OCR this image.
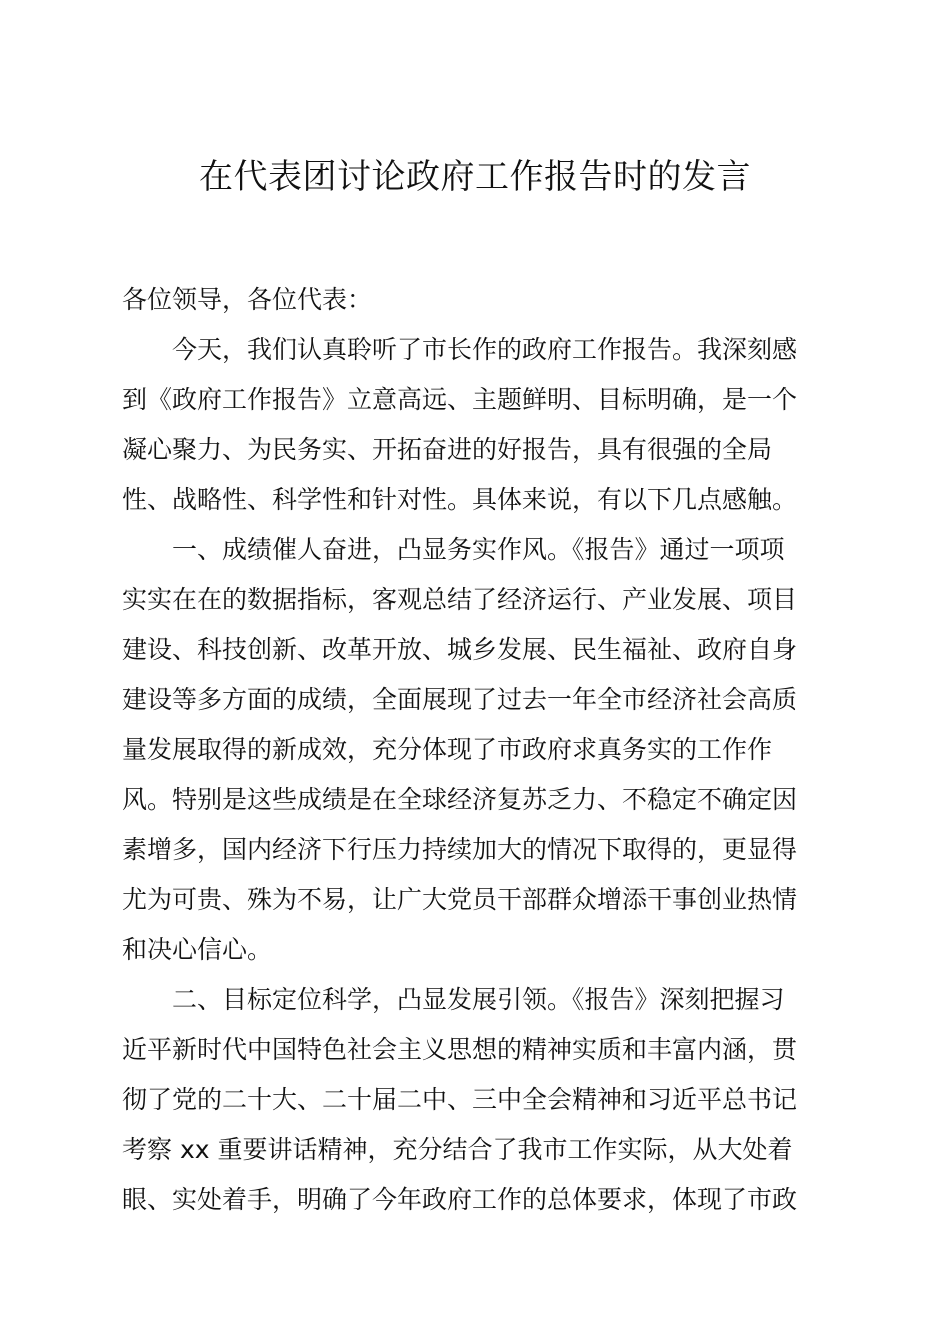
在代表团讨论政府工作报告时的发言
各位领导，各位代表：
今天，我们认真聆听了市长作的政府工作报告。我深刻感
到《政府工作报告》立意高远、主题鲜明、目标明确，是一个
凝心聚力、为民务实、开拓奋进的好报告，具有很强的全局
性、战略性、科学性和针对性。具体来说，有以下几点感触。
一、成绩催人奋进，凸显务实作风。《报告》通过一项项
实实在在的数据指标，客观总结了经济运行、产业发展、项目
建设、科技创新、改革开放、城乡发展、民生福祉、政府自身
建设等多方面的成绩，全面展现了过去一年全市经济社会高质
量发展取得的新成效，充分体现了市政府求真务实的工作作
风。特别是这些成绩是在全球经济复苏乏力、不稳定不确定因
素增多，国内经济下行压力持续加大的情况下取得的，更显得
尤为可贵、殊为不易，让广大党员干部群众增添干事创业热情
和决心信心。
二、目标定位科学，凸显发展引领。《报告》深刻把握习
近平新时代中国特色社会主义思想的精神实质和丰富内涵，贯
彻了党的二十大、二十届二中、三中全会精神和习近平总书记
考察 xx 重要讲话精神，充分结合了我市工作实际，从大处着
眼、实处着手，明确了今年政府工作的总体要求，体现了市政
